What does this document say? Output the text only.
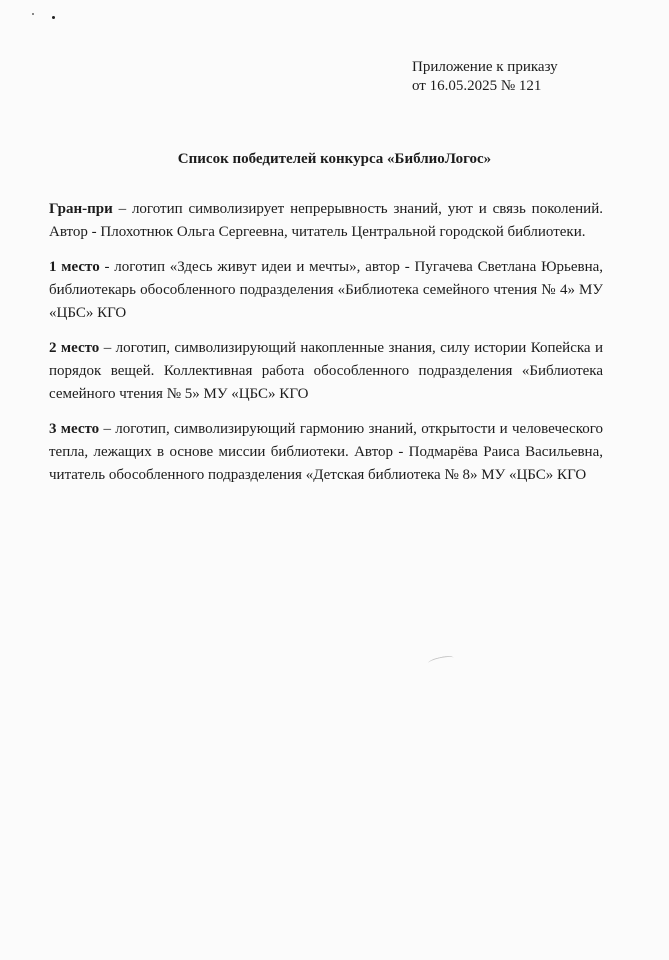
Приложение к приказу
от 16.05.2025 № 121
Список победителей конкурса «БиблиоЛогос»

Гран-при – логотип символизирует непрерывность знаний, уют и связь поколений. Автор - Плохотнюк Ольга Сергеевна, читатель Центральной городской библиотеки.

1 место - логотип «Здесь живут идеи и мечты», автор - Пугачева Светлана Юрьевна, библиотекарь обособленного подразделения «Библиотека семейного чтения № 4» МУ «ЦБС» КГО

2 место – логотип, символизирующий накопленные знания, силу истории Копейска и порядок вещей. Коллективная работа обособленного подразделения «Библиотека семейного чтения № 5» МУ «ЦБС» КГО

3 место – логотип, символизирующий гармонию знаний, открытости и человеческого тепла, лежащих в основе миссии библиотеки. Автор - Подмарёва Раиса Васильевна, читатель обособленного подразделения «Детская библиотека № 8» МУ «ЦБС» КГО
